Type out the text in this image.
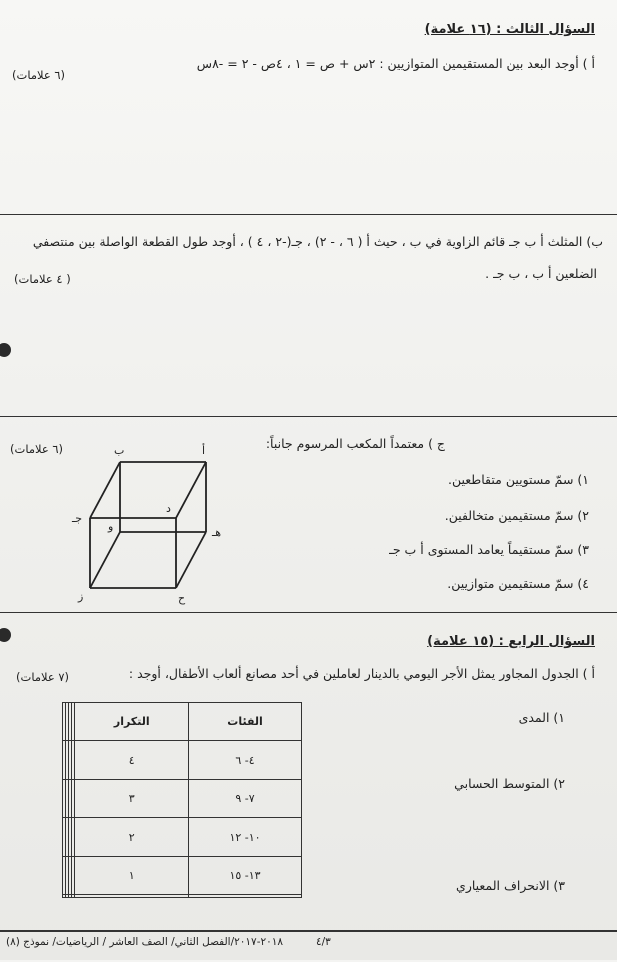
السؤال الثالث : (١٦ علامة)
أ ) أوجد البعد بين المستقيمين المتوازيين : ٢س + ص = ١ ، ٤ص - ٢ = -٨س
(٦ علامات)
ب) المثلث أ ب جـ قائم الزاوية في ب ، حيث أ ( ٦ ، - ٢) ، جـ(-٢ ، ٤ ) ، أوجد طول القطعة الواصلة بين منتصفي
الضلعين أ ب ، ب جـ .
( ٤ علامات)
ج ) معتمداً المكعب المرسوم جانباً:
(٦ علامات)
١) سمّ مستويين متقاطعين.
٢) سمّ مستقيمين متخالفين.
٣) سمّ مستقيماً يعامد المستوى أ ب جـ
٤) سمّ مستقيمين متوازيين.
أ
ب
جـ
د
هـ
و
ز	ح
السؤال الرابع : (١٥ علامة)
أ ) الجدول المجاور يمثل الأجر اليومي بالدينار لعاملين في أحد مصانع ألعاب الأطفال، أوجد :
(٧ علامات)
الفئات	التكرار				
٤- ٦	٤				
٧- ٩	٣				
١٠- ١٢	٢				
١٣- ١٥	١				

١) المدى
٢) المتوسط الحسابي
٣) الانحراف المعياري
٢٠١٨-٢٠١٧/الفصل الثاني/ الصف العاشر / الرياضيات/ نموذج (٨)	٤/٣
